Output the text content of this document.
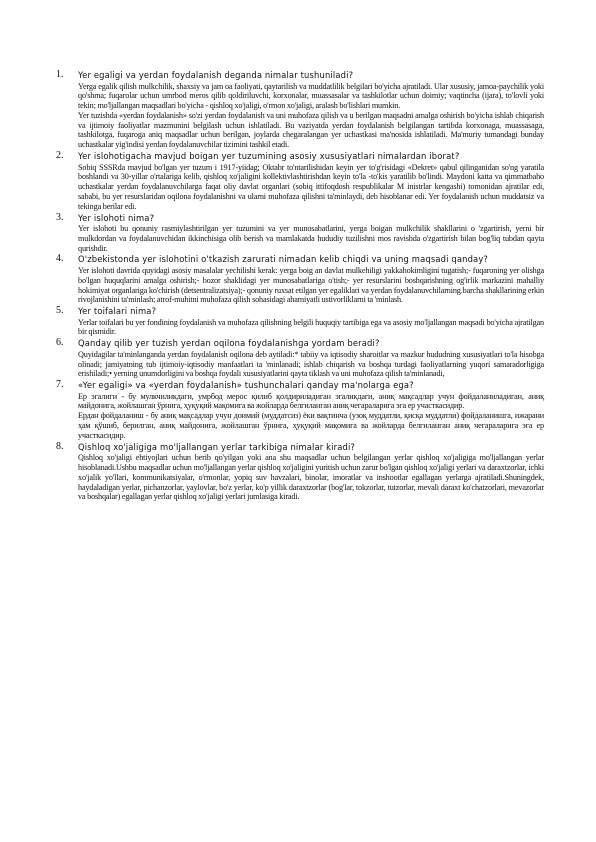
1. Yer egaligi va yerdan foydalanish deganda nimalar tushuniladi?

Yerga egalik qilish mulkchilik, shaxsiy va jam oa faoliyati, qaytarilish va muddatlilik belgilari bo'yicha ajratiladi. Ular xususiy, jamoa-paychilik yoki qo'shma; fuqarolar uchun umrbod meros qilib qoldiriluvchi, korxonalar, muassasalar va tashkilotlar uchun doimiy; vaqtincha (ijara), to'lovli yoki tekin; mo'ljallangan maqsadlari bo'yicha - qishloq xo'jaligi, o'rmon xo'jaligi, aralash bo'lishlari mumkin.

Yer tuzishda «yerdan foydalanish» so'zi yerdan foydalanish va uni muhofaza qilish va u berilgan maqsadni amalga oshirish bo'yicha ishlab chiqarish va ijtimoiy faoliyatlar mazmunini belgilash uchun ishlatiladi. Bu vaziyatda yerdan foydalanish belgilangan tartibda korxonaga, muassasaga, tashkilotga, fuqaroga aniq maqsadlar uchun berilgan, joylarda chegaralangan yer uchastkasi ma'nosida ishlatiladi. Ma'muriy tumandagi bunday uchastkalar yig'indisi yerdan foydalanuvchilar tizimini tashkil etadi.

2. Yer islohotigacha mavjud boigan yer tuzumining asosiy xususiyatlari nimalardan iborat?

Sobiq SSSRda mavjud bo'lgan yer tuzum i 1917-yiidag; Oktabr to'ntarilishidan keyin yer to'g'risidagi «Dekret» qabul qilinganidan so'ng yaratila boshlandi va 30-yillar o'rtalariga kelib, qishloq xo'jaligini kollektivlashtirishdan keyin to'la -to'kis yaratilib bo'lindi. Maydoni katta va qimmatbaho uchastkalar yerdan foydalanuvchilarga faqat oliy davlat organlari (sobiq ittifoqdosh respublikalar M inistrlar kengashi) tomonidan ajratilar edi, sababi, bu yer resurslaridan oqilona foydalanishni va ularni muhofaza qilishni ta'minlaydi, deb hisoblanar edi. Yer foydalanish uchun muddatsiz va tekinga berilar edi.

3. Yer islohoti nima?

Yer islohoti bu qonuniy rasmiylashtirilgan yer tuzumini va yer munosabatlarini, yerga boigan mulkchilik shakllarini o 'zgartirish, yerni bir mulkdordan va foydalanuvchidan ikkinchisiga olib berish va mamlakatda hududiy tuzilishni mos ravishda o'zgartirish bilan bog'liq tubdan qayta qurishdir.

4. O'zbekistonda yer islohotini o'tkazish zarurati nimadan kelib chiqdi va uning maqsadi qanday?

Yer islohoti davrida quyidagi asosiy masalalar yechilishi kerak: yerga boig an davlat mulkehiligi yakkahokimligini tugatish;- fuqaroning yer olishga bo'lgan huquqlarini amalga oshirish;- bozor shaklidagi yer munosabatlariga o'tish;- yer resurslarini boshqarishning og'irlik markazini mahalliy hokimiyat organlariga ko'chirish (detsentralizatsiya);- qonuniy ruxsat etilgan yer egaliklari va yerdan foydalanuvchilarning.barcha shakllarining erkin rivojlanishini ta'minlash; atrof-muhitni muhofaza qilish sohasidagi ahamiyatli ustivorliklarni ta 'minlash.

5. Yer toifalari nima?

Yerlar toifalari bu yer fondining foydalanish va muhofaza qilishning belgili huquqiy tartibiga ega va asosiy mo'ljallangan maqsadi bo'yicha ajratilgan bir qismidir.

6. Qanday qilib yer tuzish yerdan oqilona foydalanishga yordam beradi?

Quyidagilar ta'minlanganda yerdan foydalanish oqilona deb aytiladi:* tabiiy va iqtisodiy sharoitlar va mazkur hududning xususiyatlari to'la hisobga olinadi; jamiyatning tub ijtimoiy-iqtisodiy manfaatlari ta 'minlanadi; ishlab chiqarish va boshqa turdagi faoliyatlarning yuqori samaradorligiga erishiladi;• yerning unumdorligini va boshqa foydali xususiyatlarini qayta tiklash va uni muhofaza qilish ta'minlanadi,

7. «Yer egaligi» va «yerdan foydalanish» tushunchalari qanday ma'nolarga ega?

Ер эгалиги - бу мулкчиликдаги, умрбод мерос қилиб қолдириладиган эгаликдаги, аниқ мақсадлар учун фойдаланиладиган, аниқ майдонига, жойлашган ўрнига, ҳуқуқий мақомига ва жойларда белгиланган аниқ чегараларига эга ер участкасидир.

Ердан фойдаланиш - бу аниқ мақсадлар учун доимий (муддатсиз) ёки вақтинча (узоқ муддатли, қисқа муддатли) фойдаланишга, ижарани ҳам қўшиб, берилган, аниқ майдонига, жойлашган ўрнига, ҳуқуқий мақомига ва жойларда белгиланган аниқ чегараларига эга ер участкасидир.

8. Qishloq xo'jaligiga mo'ljallangan yerlar tarkibiga nimalar kiradi?

Qishloq xo'jaligi ehtiyojlari uchun berib qo'yilgan yoki ana shu maqsadlar uchun belgilangan yerlar qishloq xo'jaligiga mo'ljallangan yerlar hisoblanadi.Ushbu maqsadlar uchun mo'ljallangan yerlar qishloq xo'jaligini yuritish uchun zarur bo'lgan qishloq xo'jaligi yerlari va daraxtzorlar, ichki xo'jalik yo'llari, kommunikatsiyalar, o'rmonlar, yopiq suv havzalari, binolar, imoratlar va inshootlar egallagan yerlarga ajratiladi.Shuningdek, haydaladigan yerlar, pichanzorlar, yaylovlar, bo'z yerlar, ko'p yillik daraxtzorlar (bog'lar, tokzorlar, tutzorlar, mevali daraxt ko'chatzorlari, mevazorlar va boshqalar) egallagan yerlar qishloq xo'jaligi yerlari jumlasiga kiradi.
